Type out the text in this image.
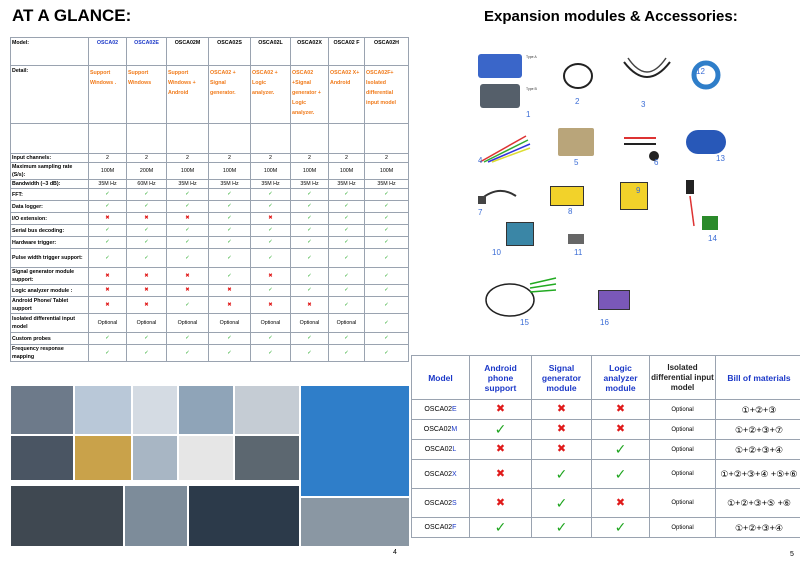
AT A GLANCE:
Model:	OSCA02	OSCA02E	OSCA02M	OSCA02S	OSCA02L	OSCA02X	OSCA02 F	OSCA02H
Detail:	Support Windows .	Support Windows	Support Windows + Android	OSCA02 + Signal generator.	OSCA02 + Logic analyzer.	OSCA02 +Signal generator + Logic analyzer.	OSCA02 X+ Android	OSCA02F+ Isolated differential input model

Input channels:	2	2	2	2	2	2	2	2
Maximum sampling rate (S/s):	100M	200M	100M	100M	100M	100M	100M	100M
Bandwidth (−3 dB):	35M Hz	60M Hz	35M Hz	35M Hz	35M Hz	35M Hz	35M Hz	35M Hz
FFT:	✓	✓	✓	✓	✓	✓	✓	✓
Data logger:	✓	✓	✓	✓	✓	✓	✓	✓
I/O extension:	✖	✖	✖	✓	✖	✓	✓	✓
Serial bus decoding:	✓	✓	✓	✓	✓	✓	✓	✓
Hardware trigger:	✓	✓	✓	✓	✓	✓	✓	✓
Pulse width trigger support:	✓	✓	✓	✓	✓	✓	✓	✓
Signal generator module support:	✖	✖	✖	✓	✖	✓	✓	✓
Logic analyzer module :	✖	✖	✖	✖	✓	✓	✓	✓
Android Phone/ Tablet support	✖	✖	✓	✖	✖	✖	✓	✓
Isolated differential input model	Optional	Optional	Optional	Optional	Optional	Optional	Optional	✓
Custom probes	✓	✓	✓	✓	✓	✓	✓	✓
Frequency response mapping	✓	✓	✓	✓	✓	✓	✓	✓
4
Expansion modules & Accessories:
Type A
Type B
1
2	3
12
4	5	6	13
7	8
9
14
10	11
15	16
Model	Android phone support	Signal generator module	Logic analyzer module	Isolated differential input model	Bill of materials
OSCA02E	✖	✖	✖	Optional	①+②+③
OSCA02M	✓	✖	✖	Optional	①+②+③+⑦
OSCA02L	✖	✖	✓	Optional	①+②+③+④
OSCA02X	✖	✓	✓	Optional	①+②+③+④ +⑤+⑥
OSCA02S	✖	✓	✖	Optional	①+②+③+⑤ +⑥
OSCA02F	✓	✓	✓	Optional	①+②+③+④
5
